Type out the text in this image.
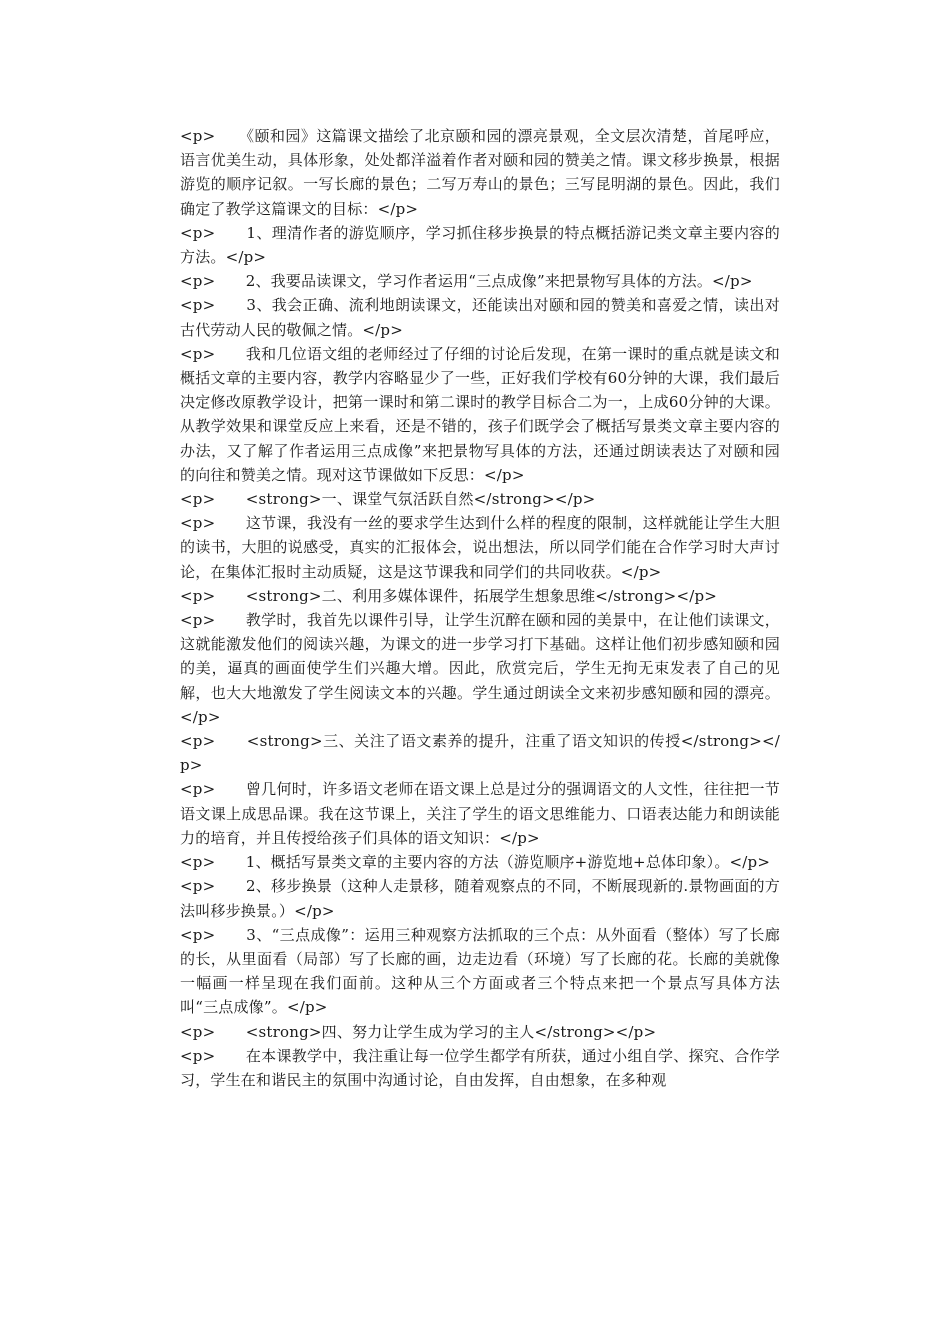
<p>　　《颐和园》这篇课文描绘了北京颐和园的漂亮景观，全文层次清楚，首尾呼应，语言优美生动，具体形象，处处都洋溢着作者对颐和园的赞美之情。课文移步换景，根据游览的顺序记叙。一写长廊的景色；二写万寿山的景色；三写昆明湖的景色。因此，我们确定了教学这篇课文的目标：</p>
<p>　　1、理清作者的游览顺序，学习抓住移步换景的特点概括游记类文章主要内容的方法。</p>
<p>　　2、我要品读课文，学习作者运用“三点成像”来把景物写具体的方法。</p>
<p>　　3、我会正确、流利地朗读课文，还能读出对颐和园的赞美和喜爱之情，读出对古代劳动人民的敬佩之情。</p>
<p>　　我和几位语文组的老师经过了仔细的讨论后发现，在第一课时的重点就是读文和概括文章的主要内容，教学内容略显少了一些，正好我们学校有60分钟的大课，我们最后决定修改原教学设计，把第一课时和第二课时的教学目标合二为一，上成60分钟的大课。从教学效果和课堂反应上来看，还是不错的，孩子们既学会了概括写景类文章主要内容的办法，又了解了作者运用三点成像”来把景物写具体的方法，还通过朗读表达了对颐和园的向往和赞美之情。现对这节课做如下反思：</p>
<p>　　<strong>一、课堂气氛活跃自然</strong></p>
<p>　　这节课，我没有一丝的要求学生达到什么样的程度的限制，这样就能让学生大胆的读书，大胆的说感受，真实的汇报体会，说出想法，所以同学们能在合作学习时大声讨论，在集体汇报时主动质疑，这是这节课我和同学们的共同收获。</p>
<p>　　<strong>二、利用多媒体课件，拓展学生想象思维</strong></p>
<p>　　教学时，我首先以课件引导，让学生沉醉在颐和园的美景中，在让他们读课文，这就能激发他们的阅读兴趣，为课文的进一步学习打下基础。这样让他们初步感知颐和园的美，逼真的画面使学生们兴趣大增。因此，欣赏完后，学生无拘无束发表了自己的见解，也大大地激发了学生阅读文本的兴趣。学生通过朗读全文来初步感知颐和园的漂亮。</p>
<p>　　<strong>三、关注了语文素养的提升，注重了语文知识的传授</strong></p>
<p>　　曾几何时，许多语文老师在语文课上总是过分的强调语文的人文性，往往把一节语文课上成思品课。我在这节课上，关注了学生的语文思维能力、口语表达能力和朗读能力的培育，并且传授给孩子们具体的语文知识：</p>
<p>　　1、概括写景类文章的主要内容的方法（游览顺序+游览地+总体印象）。</p>
<p>　　2、移步换景（这种人走景移，随着观察点的不同，不断展现新的.景物画面的方法叫移步换景。）</p>
<p>　　3、“三点成像”：运用三种观察方法抓取的三个点：从外面看（整体）写了长廊的长，从里面看（局部）写了长廊的画，边走边看（环境）写了长廊的花。长廊的美就像一幅画一样呈现在我们面前。这种从三个方面或者三个特点来把一个景点写具体方法叫“三点成像”。</p>
<p>　　<strong>四、努力让学生成为学习的主人</strong></p>
<p>　　在本课教学中，我注重让每一位学生都学有所获，通过小组自学、探究、合作学习，学生在和谐民主的氛围中沟通讨论，自由发挥，自由想象，在多种观
